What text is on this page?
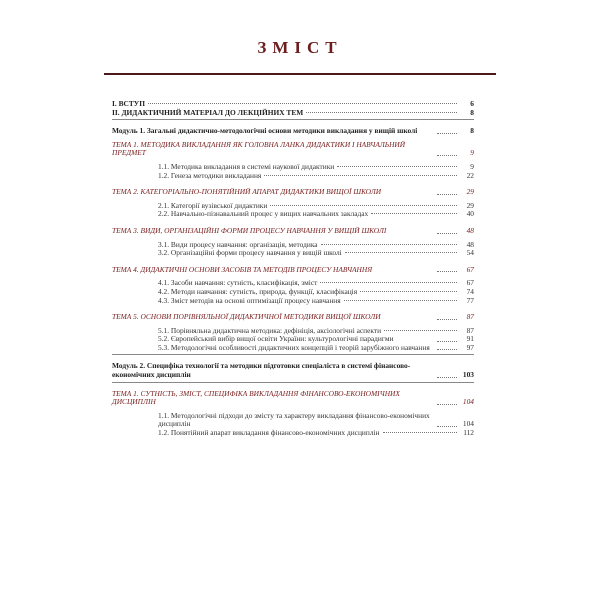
ЗМІСТ
І. ВСТУП	6
ІІ. ДИДАКТИЧНИЙ МАТЕРІАЛ ДО ЛЕКЦІЙНИХ ТЕМ	8
Модуль 1. Загальні дидактично-методологічні основи методики викладання у вищій школі	8
ТЕМА 1. МЕТОДИКА ВИКЛАДАННЯ ЯК ГОЛОВНА ЛАНКА ДИДАКТИКИ І НАВЧАЛЬНИЙ ПРЕДМЕТ	9
1.1. Методика викладання в системі наукової дидактики	9
1.2. Генеза методики викладання	22
ТЕМА 2. КАТЕГОРІАЛЬНО-ПОНЯТІЙНИЙ АПАРАТ ДИДАКТИКИ ВИЩОЇ ШКОЛИ	29
2.1. Категорії вузівської дидактики	29
2.2. Навчально-пізнавальний процес у вищих навчальних закладах	40
ТЕМА 3. ВИДИ, ОРГАНІЗАЦІЙНІ ФОРМИ ПРОЦЕСУ НАВЧАННЯ У ВИЩІЙ ШКОЛІ	48
3.1. Види процесу навчання: організація, методика	48
3.2. Організаційні форми процесу навчання у вищій школі	54
ТЕМА 4. ДИДАКТИЧНІ ОСНОВИ ЗАСОБІВ ТА МЕТОДІВ ПРОЦЕСУ НАВЧАННЯ	67
4.1. Засоби навчання: сутність, класифікація, зміст	67
4.2. Методи навчання: сутність, природа, функції, класифікація	74
4.3. Зміст методів на основі оптимізації процесу навчання	77
ТЕМА 5. ОСНОВИ ПОРІВНЯЛЬНОЇ ДИДАКТИЧНОЇ МЕТОДИКИ ВИЩОЇ ШКОЛИ	87
5.1. Порівняльна дидактична методика: дефініція, аксіологічні аспекти	87
5.2. Європейський вибір вищої освіти України: культурологічні парадигми	91
5.3. Методологічні особливості дидактичних концепцій і теорій зарубіжного навчання	97
Модуль 2. Специфіка технології та методики підготовки спеціаліста в системі фінансово-економічних дисциплін	103
ТЕМА 1. СУТНІСТЬ, ЗМІСТ, СПЕЦИФІКА ВИКЛАДАННЯ ФІНАНСОВО-ЕКОНОМІЧНИХ ДИСЦИПЛІН	104
1.1. Методологічні підходи до змісту та характеру викладання фінансово-економічних дисциплін	104
1.2. Понятійний апарат викладання фінансово-економічних дисциплін	112
